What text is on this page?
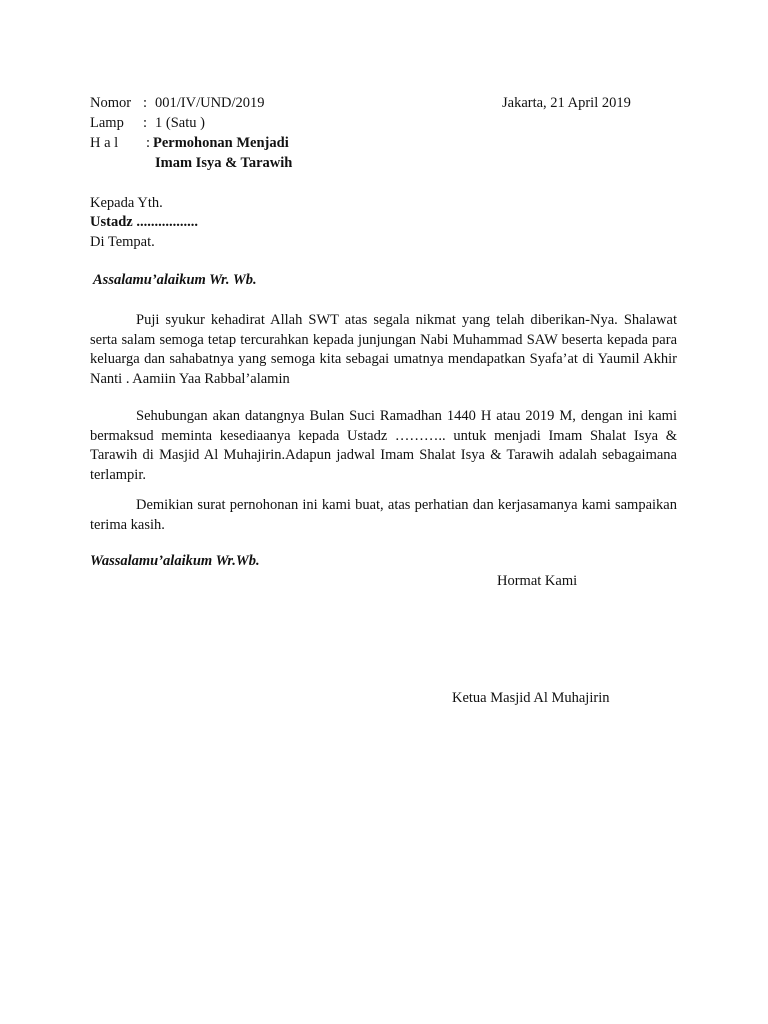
Nomor : 001/IV/UND/2019	Jakarta, 21 April 2019
Lamp : 1 (Satu )
H a l : Permohonan Menjadi
Imam Isya & Tarawih
Kepada Yth.
Ustadz .................
Di Tempat.
Assalamu’alaikum Wr. Wb.

Puji syukur kehadirat Allah SWT atas segala nikmat yang telah diberikan-Nya. Shalawat serta salam semoga tetap tercurahkan kepada junjungan Nabi Muhammad SAW beserta kepada para keluarga dan sahabatnya yang semoga kita sebagai umatnya mendapatkan Syafa’at di Yaumil Akhir Nanti . Aamiin Yaa Rabbal’alamin

Sehubungan akan datangnya Bulan Suci Ramadhan 1440 H atau 2019 M, dengan ini kami bermaksud meminta kesediaanya kepada Ustadz ……….. untuk menjadi Imam Shalat Isya & Tarawih di Masjid Al Muhajirin.Adapun jadwal Imam Shalat Isya & Tarawih adalah sebagaimana terlampir.

Demikian surat pernohonan ini kami buat, atas perhatian dan kerjasamanya kami sampaikan terima kasih.

Wassalamu’alaikum Wr.Wb.
Hormat Kami
Ketua Masjid Al Muhajirin
